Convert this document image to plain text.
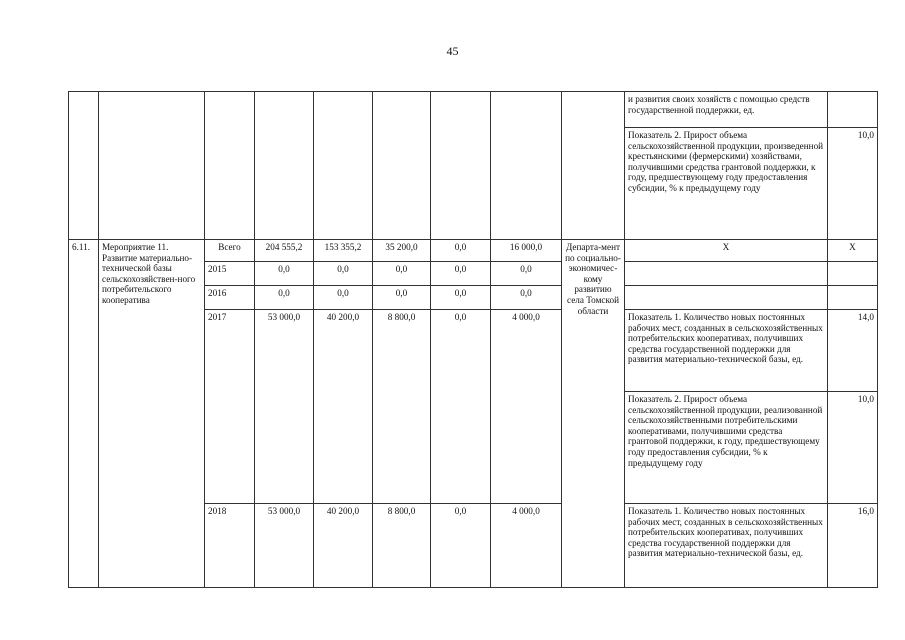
45
									и развития своих хозяйств с помощью средств государственной поддержки, ед.	
									Показатель 2. Прирост объема сельскохозяйственной продукции, произведенной крестьянскими (фермерскими) хозяйствами, получившими средства грантовой поддержки, к году, предшествующему году предоставления субсидии, % к предыдущему году	10,0
6.11.	Мероприятие 11. Развитие материально-технической базы сельскохозяйствен-ного потребительского кооператива	Всего	204 555,2	153 355,2	35 200,0	0,0	16 000,0	Департа-мент по социально-экономичес-кому развитию села Томской области	Х	Х
		2015	0,0	0,0	0,0	0,0	0,0			
		2016	0,0	0,0	0,0	0,0	0,0			
		2017	53 000,0	40 200,0	8 800,0	0,0	4 000,0		Показатель 1. Количество новых постоянных рабочих мест, созданных в сельскохозяйственных потребительских кооперативах, получивших средства государственной поддержки для развития материально-технической базы, ед.	14,0
									Показатель 2. Прирост объема сельскохозяйственной продукции, реализованной сельскохозяйственными потребительскими кооперативами, получившими средства грантовой поддержки, к году, предшествующему году предоставления субсидии, % к предыдущему году	10,0
		2018	53 000,0	40 200,0	8 800,0	0,0	4 000,0		Показатель 1. Количество новых постоянных рабочих мест, созданных в сельскохозяйственных потребительских кооперативах, получивших средства государственной поддержки для развития материально-технической базы, ед.	16,0
